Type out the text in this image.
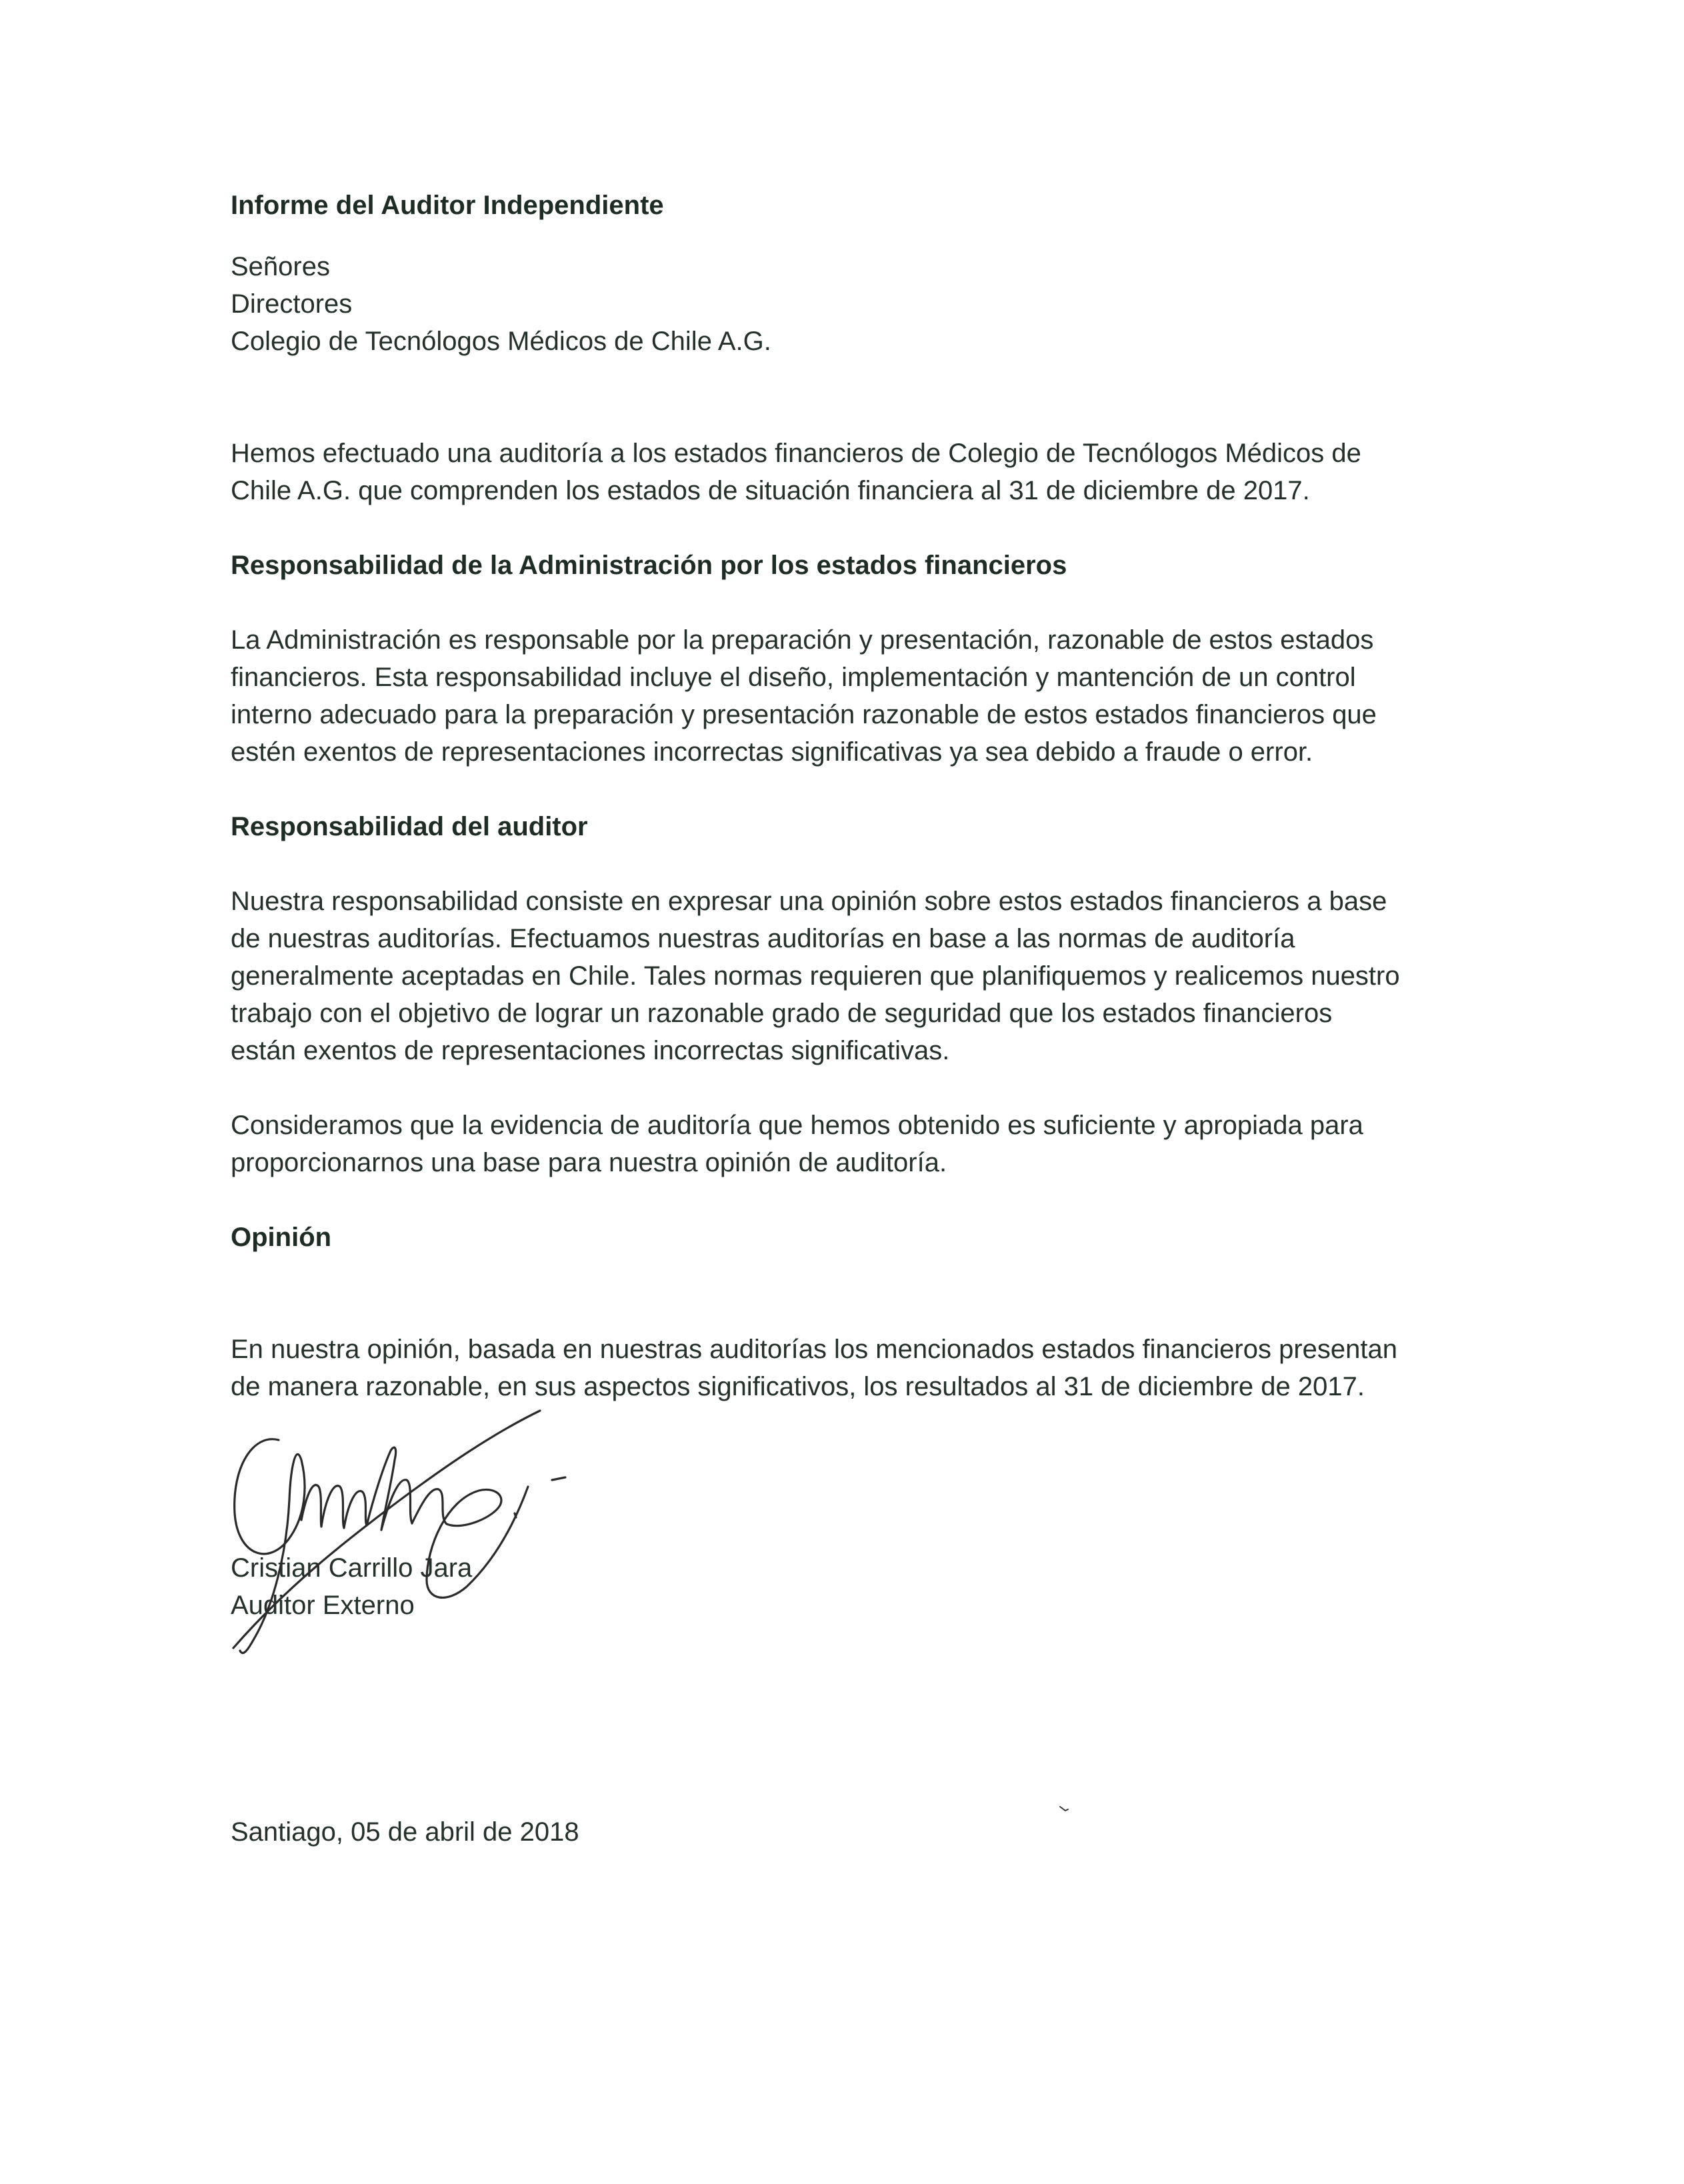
Informe del Auditor Independiente
Señores
Directores
Colegio de Tecnólogos Médicos de Chile A.G.
Hemos efectuado una auditoría a los estados financieros de Colegio de Tecnólogos Médicos de
Chile A.G. que comprenden los estados de situación financiera al 31 de diciembre de 2017.
Responsabilidad de la Administración por los estados financieros
La Administración es responsable por la preparación y presentación, razonable de estos estados
financieros. Esta responsabilidad incluye el diseño, implementación y mantención de un control
interno adecuado para la preparación y presentación razonable de estos estados financieros que
estén exentos de representaciones incorrectas significativas ya sea debido a fraude o error.
Responsabilidad del auditor
Nuestra responsabilidad consiste en expresar una opinión sobre estos estados financieros a base
de nuestras auditorías. Efectuamos nuestras auditorías en base a las normas de auditoría
generalmente aceptadas en Chile. Tales normas requieren que planifiquemos y realicemos nuestro
trabajo con el objetivo de lograr un razonable grado de seguridad que los estados financieros
están exentos de representaciones incorrectas significativas.
Consideramos que la evidencia de auditoría que hemos obtenido es suficiente y apropiada para
proporcionarnos una base para nuestra opinión de auditoría.
Opinión
En nuestra opinión, basada en nuestras auditorías los mencionados estados financieros presentan
de manera razonable, en sus aspectos significativos, los resultados al 31 de diciembre de 2017.
Cristian Carrillo Jara
Auditor Externo
Santiago, 05 de abril de 2018
